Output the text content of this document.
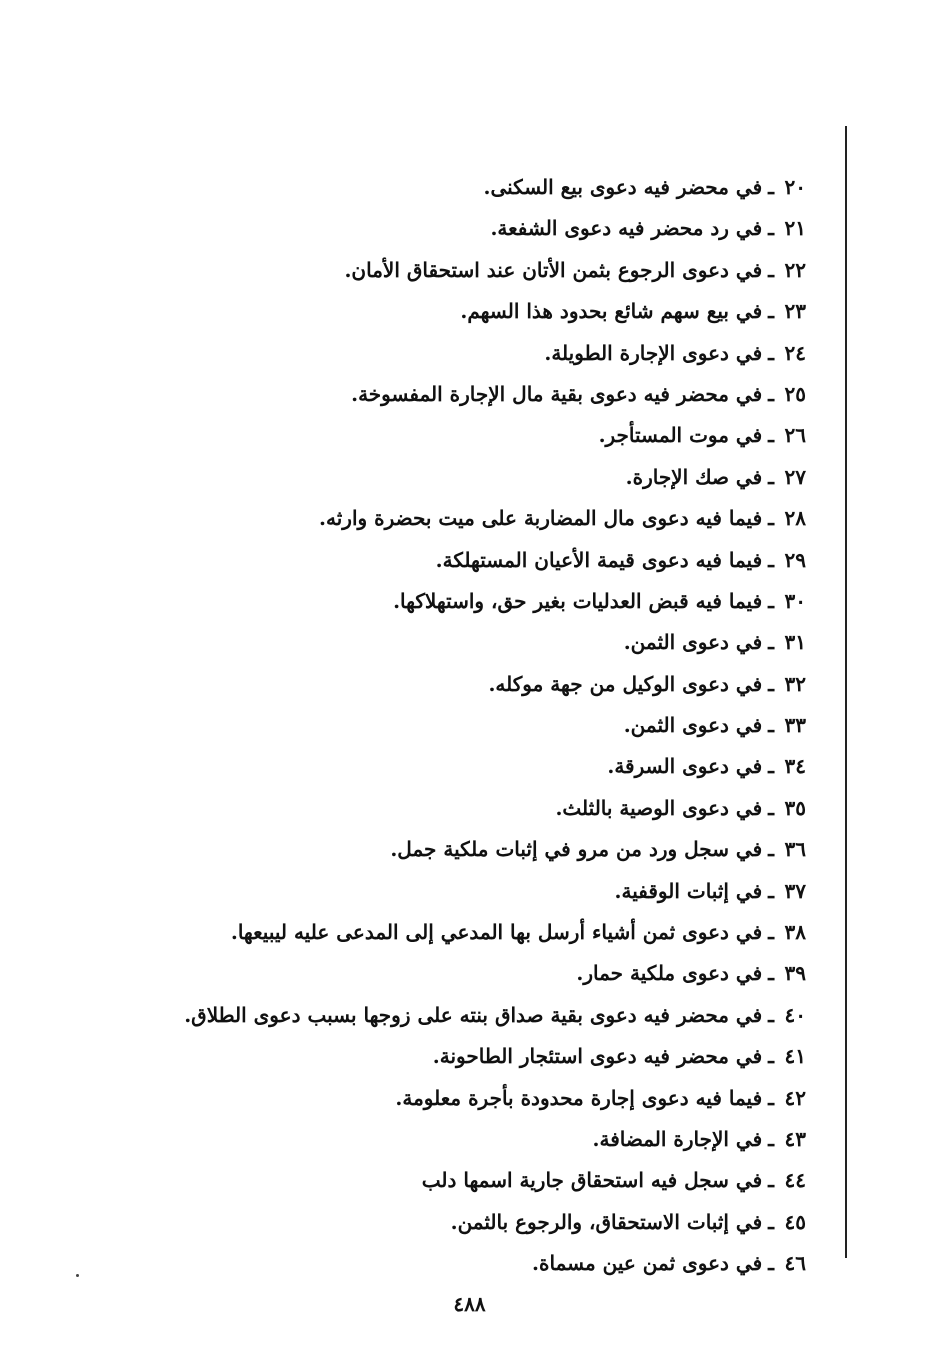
٢٠ـفي محضر فيه دعوى بيع السكنى.
٢١ـفي رد محضر فيه دعوى الشفعة.
٢٢ـفي دعوى الرجوع بثمن الأتان عند استحقاق الأمان.
٢٣ـفي بيع سهم شائع بحدود هذا السهم.
٢٤ـفي دعوى الإجارة الطويلة.
٢٥ـفي محضر فيه دعوى بقية مال الإجارة المفسوخة.
٢٦ـفي موت المستأجر.
٢٧ـفي صك الإجارة.
٢٨ـفيما فيه دعوى مال المضاربة على ميت بحضرة وارثه.
٢٩ـفيما فيه دعوى قيمة الأعيان المستهلكة.
٣٠ـفيما فيه قبض العدليات بغير حق، واستهلاكها.
٣١ـفي دعوى الثمن.
٣٢ـفي دعوى الوكيل من جهة موكله.
٣٣ـفي دعوى الثمن.
٣٤ـفي دعوى السرقة.
٣٥ـفي دعوى الوصية بالثلث.
٣٦ـفي سجل ورد من مرو في إثبات ملكية جمل.
٣٧ـفي إثبات الوقفية.
٣٨ـفي دعوى ثمن أشياء أرسل بها المدعي إلى المدعى عليه ليبيعها.
٣٩ـفي دعوى ملكية حمار.
٤٠ـفي محضر فيه دعوى بقية صداق بنته على زوجها بسبب دعوى الطلاق.
٤١ـفي محضر فيه دعوى استئجار الطاحونة.
٤٢ـفيما فيه دعوى إجارة محدودة بأجرة معلومة.
٤٣ـفي الإجارة المضافة.
٤٤ـفي سجل فيه استحقاق جارية اسمها دلب
٤٥ـفي إثبات الاستحقاق، والرجوع بالثمن.
٤٦ـفي دعوى ثمن عين مسماة.
٤٨٨
